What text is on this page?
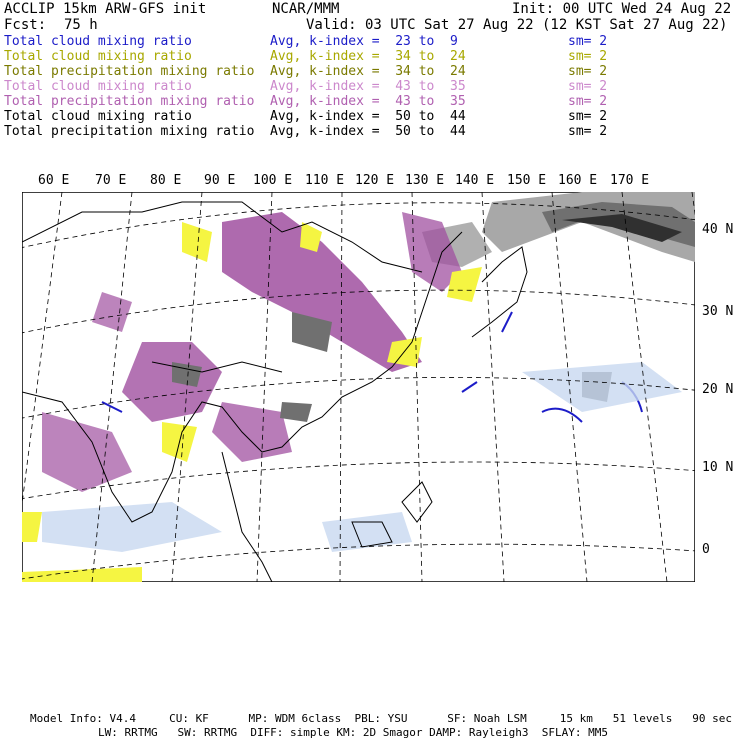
ACCLIP 15km ARW-GFS init	NCAR/MMM	Init: 00 UTC Wed 24 Aug 22
Fcst: 75 h	Valid: 03 UTC Sat 27 Aug 22 (12 KST Sat 27 Aug 22)
Total cloud mixing ratio	Avg, k-index =  23 to  9	sm= 2
Total cloud mixing ratio	Avg, k-index =  34 to  24	sm= 2
Total precipitation mixing ratio Avg, k-index =  34 to  24	sm= 2
Total cloud mixing ratio	Avg, k-index =  43 to  35	sm= 2
Total precipitation mixing ratio Avg, k-index =  43 to  35	sm= 2
Total cloud mixing ratio	Avg, k-index =  50 to  44	sm= 2
Total precipitation mixing ratio Avg, k-index =  50 to  44	sm= 2
60 E 70 E 80 E 90 E 100 E 110 E 120 E 130 E 140 E 150 E 160 E 170 E
40 N
30 N
20 N
10 N
0
Model Info: V4.4     CU: KF      MP: WDM 6class  PBL: YSU      SF: Noah LSM     15 km   51 levels   90 sec
LW: RRTMG   SW: RRTMG  DIFF: simple KM: 2D Smagor DAMP: Rayleigh3  SFLAY: MM5
